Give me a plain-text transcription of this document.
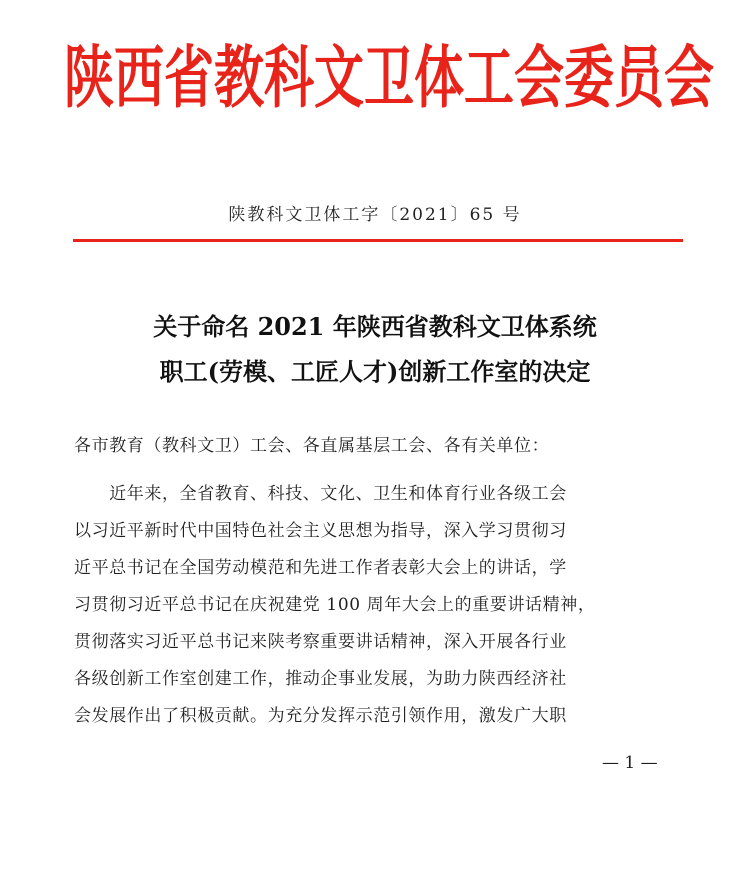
陕西省教科文卫体工会委员会
陕教科文卫体工字〔2021〕65 号
关于命名 2021 年陕西省教科文卫体系统
职工(劳模、工匠人才)创新工作室的决定
各市教育（教科文卫）工会、各直属基层工会、各有关单位：
　　近年来，全省教育、科技、文化、卫生和体育行业各级工会
以习近平新时代中国特色社会主义思想为指导，深入学习贯彻习
近平总书记在全国劳动模范和先进工作者表彰大会上的讲话，学
习贯彻习近平总书记在庆祝建党 100 周年大会上的重要讲话精神，
贯彻落实习近平总书记来陕考察重要讲话精神，深入开展各行业
各级创新工作室创建工作，推动企事业发展，为助力陕西经济社
会发展作出了积极贡献。为充分发挥示范引领作用，激发广大职
— 1 —
